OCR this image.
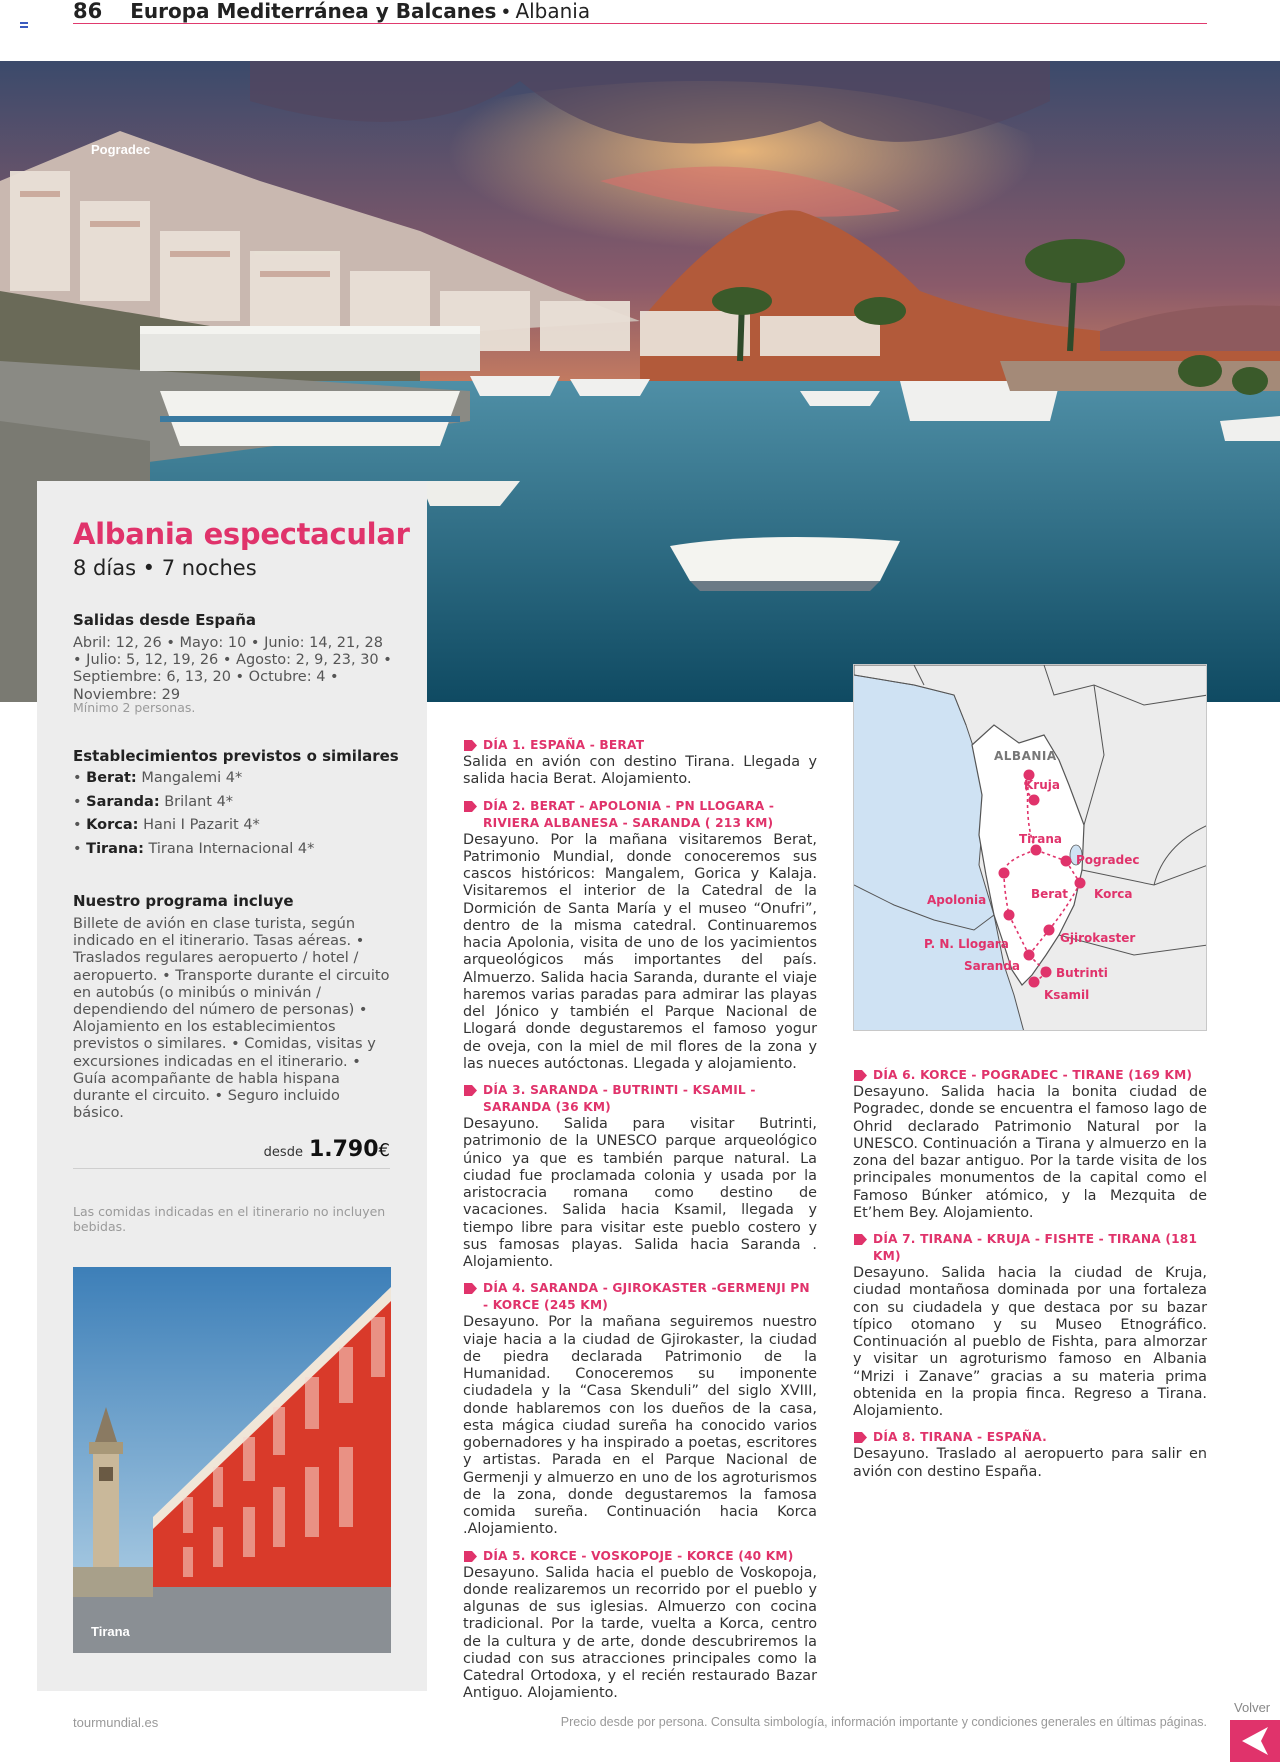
86 Europa Mediterránea y Balcanes • Albania
Pogradec
Albania espectacular
8 días • 7 noches
Salidas desde España

Abril: 12, 26 • Mayo: 10 • Junio: 14, 21, 28 • Julio: 5, 12, 19, 26 • Agosto: 2, 9, 23, 30 • Septiembre: 6, 13, 20 • Octubre: 4 • Noviembre: 29

Mínimo 2 personas.
Establecimientos previstos o similares
• Berat: Mangalemi 4*
• Saranda: Brilant 4*
• Korca: Hani I Pazarit 4*
• Tirana: Tirana Internacional 4*
Nuestro programa incluye

Billete de avión en clase turista, según indicado en el itinerario. Tasas aéreas. • Traslados regulares aeropuerto / hotel / aeropuerto. • Transporte durante el circuito en autobús (o minibús o miniván / dependiendo del número de personas) • Alojamiento en los establecimientos previstos o similares. • Comidas, visitas y excursiones indicadas en el itinerario. • Guía acompañante de habla hispana durante el circuito. • Seguro incluido básico.

desde 1.790€
Las comidas indicadas en el itinerario no incluyen bebidas.
Tirana
DÍA 1. ESPAÑA - BERAT
Salida en avión con destino Tirana. Llegada y salida hacia Berat. Alojamiento.
DÍA 2. BERAT - APOLONIA - PN LLOGARA - RIVIERA ALBANESA - SARANDA ( 213 KM)
Desayuno. Por la mañana visitaremos Berat, Patrimonio Mundial, donde conoceremos sus cascos históricos: Mangalem, Gorica y Kalaja. Visitaremos el interior de la Catedral de la Dormición de Santa María y el museo “Onufri”, dentro de la misma catedral. Continuaremos hacia Apolonia, visita de uno de los yacimientos arqueológicos más importantes del país. Almuerzo. Salida hacia Saranda, durante el viaje haremos varias paradas para admirar las playas del Jónico y también el Parque Nacional de Llogará donde degustaremos el famoso yogur de oveja, con la miel de mil flores de la zona y las nueces autóctonas. Llegada y alojamiento.
DÍA 3. SARANDA - BUTRINTI - KSAMIL - SARANDA (36 KM)
Desayuno. Salida para visitar Butrinti, patrimonio de la UNESCO parque arqueológico único ya que es también parque natural. La ciudad fue proclamada colonia y usada por la aristocracia romana como destino de vacaciones. Salida hacia Ksamil, llegada y tiempo libre para visitar este pueblo costero y sus famosas playas. Salida hacia Saranda . Alojamiento.
DÍA 4. SARANDA - GJIROKASTER -GERMENJI PN - KORCE (245 KM)
Desayuno. Por la mañana seguiremos nuestro viaje hacia a la ciudad de Gjirokaster, la ciudad de piedra declarada Patrimonio de la Humanidad. Conoceremos su imponente ciudadela y la “Casa Skenduli” del siglo XVIII, donde hablaremos con los dueños de la casa, esta mágica ciudad sureña ha conocido varios gobernadores y ha inspirado a poetas, escritores y artistas. Parada en el Parque Nacional de Germenji y almuerzo en uno de los agroturismos de la zona, donde degustaremos la famosa comida sureña. Continuación hacia Korca .Alojamiento.
DÍA 5. KORCE - VOSKOPOJE - KORCE (40 KM)
Desayuno. Salida hacia el pueblo de Voskopoja, donde realizaremos un recorrido por el pueblo y algunas de sus iglesias. Almuerzo con cocina tradicional. Por la tarde, vuelta a Korca, centro de la cultura y de arte, donde descubriremos la ciudad con sus atracciones principales como la Catedral Ortodoxa, y el recién restaurado Bazar Antiguo. Alojamiento.
ALBANIA
Kruja
Tirana
Pogradec
Berat Korca
Apolonia
P. N. Llogara	Gjirokaster
Saranda	Butrinti
Ksamil
DÍA 6. KORCE - POGRADEC - TIRANE (169 KM)
Desayuno. Salida hacia la bonita ciudad de Pogradec, donde se encuentra el famoso lago de Ohrid declarado Patrimonio Natural por la UNESCO. Continuación a Tirana y almuerzo en la zona del bazar antiguo. Por la tarde visita de los principales monumentos de la capital como el Famoso Búnker atómico, y la Mezquita de Et’hem Bey. Alojamiento.
DÍA 7. TIRANA - KRUJA - FISHTE - TIRANA (181 KM)
Desayuno. Salida hacia la ciudad de Kruja, ciudad montañosa dominada por una fortaleza con su ciudadela y que destaca por su bazar típico otomano y su Museo Etnográfico. Continuación al pueblo de Fishta, para almorzar y visitar un agroturismo famoso en Albania “Mrizi i Zanave” gracias a su materia prima obtenida en la propia finca. Regreso a Tirana. Alojamiento.
DÍA 8. TIRANA - ESPAÑA.
Desayuno. Traslado al aeropuerto para salir en avión con destino España.
tourmundial.es	Precio desde por persona. Consulta simbología, información importante y condiciones generales en últimas páginas.
Volver
